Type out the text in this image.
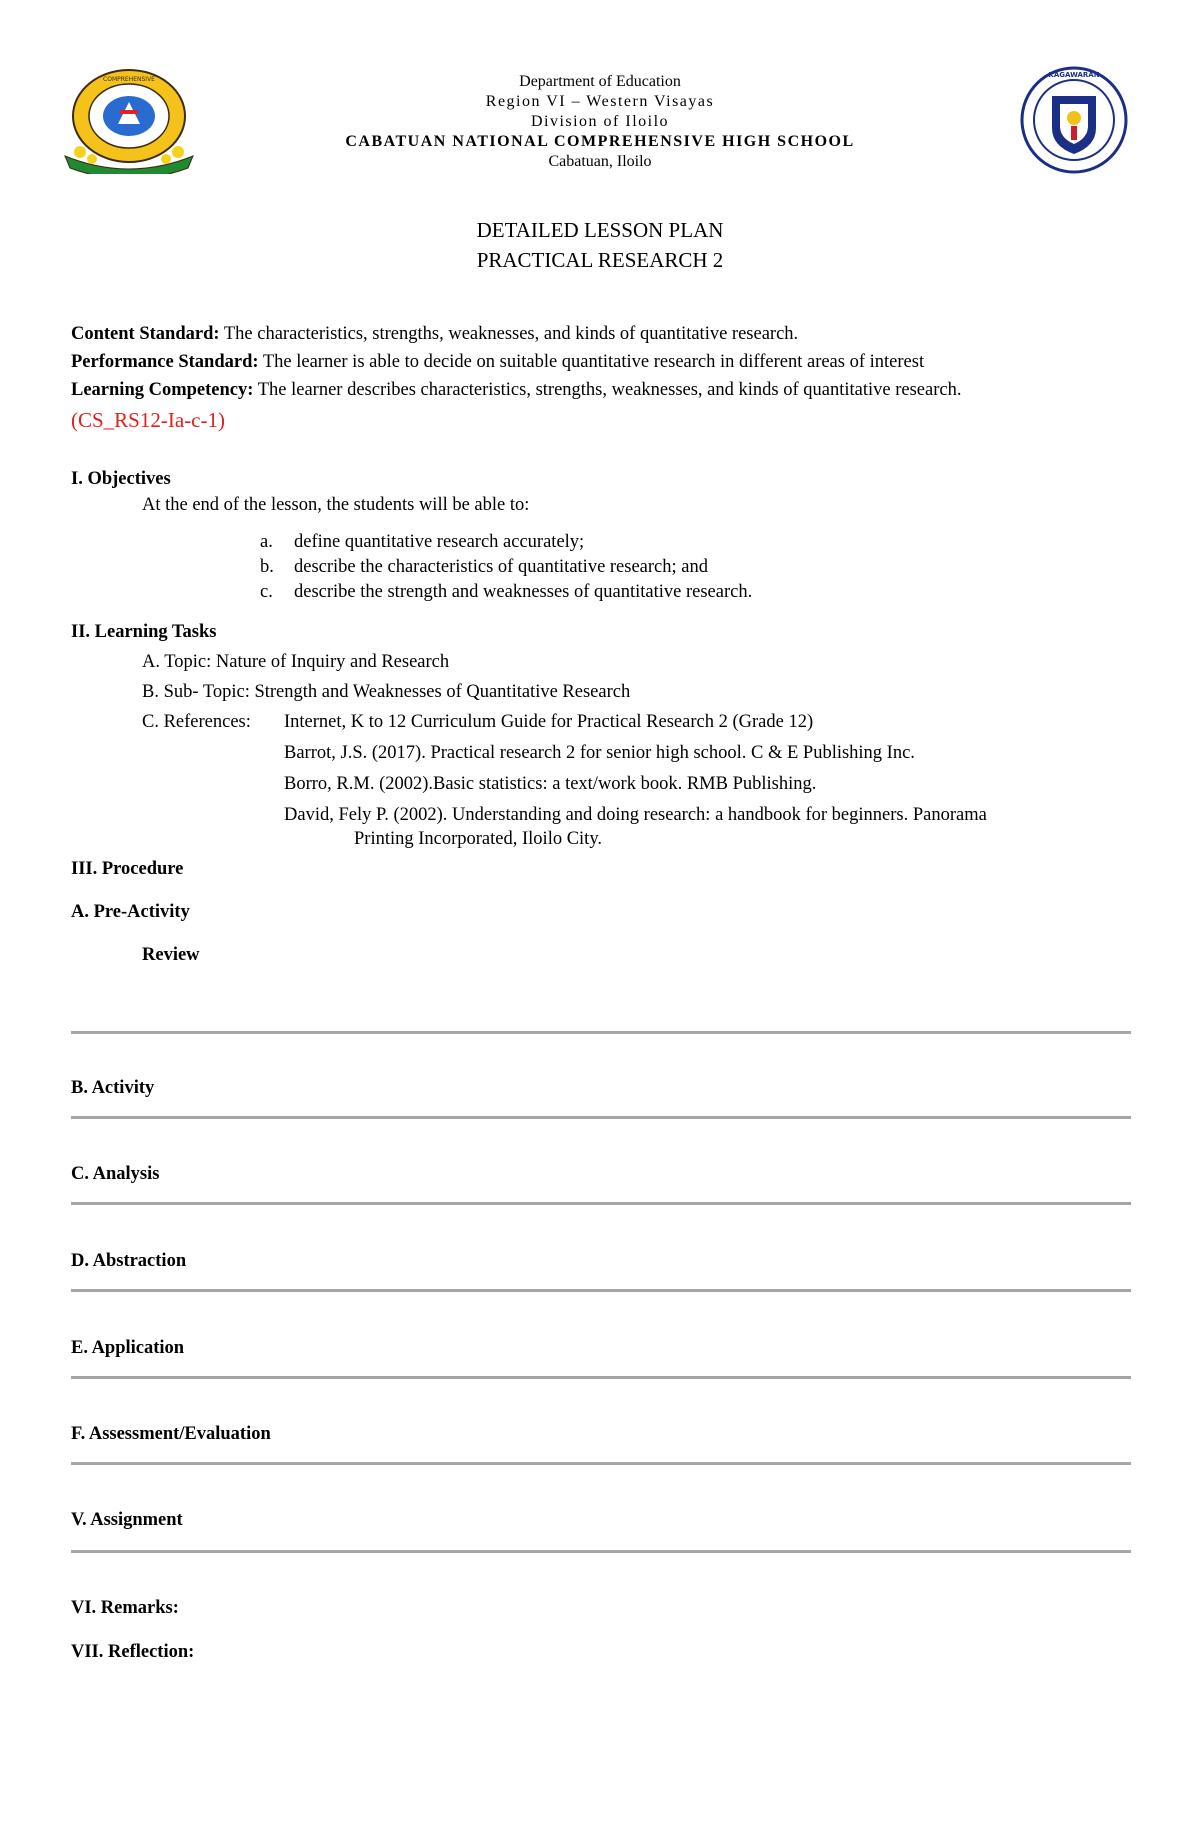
COMPREHENSIVE
KAGAWARAN
Department of Education
Region VI – Western Visayas
Division of Iloilo
CABATUAN NATIONAL COMPREHENSIVE HIGH SCHOOL
Cabatuan, Iloilo
DETAILED LESSON PLAN
PRACTICAL RESEARCH 2
Content Standard: The characteristics, strengths, weaknesses, and kinds of quantitative research.
Performance Standard: The learner is able to decide on suitable quantitative research in different areas of interest
Learning Competency: The learner describes characteristics, strengths, weaknesses, and kinds of quantitative research.
(CS_RS12-Ia-c-1)
I. Objectives
At the end of the lesson, the students will be able to:
a. define quantitative research accurately;
b. describe the characteristics of quantitative research; and
c. describe the strength and weaknesses of quantitative research.
II. Learning Tasks
A. Topic: Nature of Inquiry and Research
B. Sub- Topic: Strength and Weaknesses of Quantitative Research
C. References: Internet, K to 12 Curriculum Guide for Practical Research 2 (Grade 12)
Barrot, J.S. (2017). Practical research 2 for senior high school. C & E Publishing Inc.
Borro, R.M. (2002).Basic statistics: a text/work book. RMB Publishing.
David, Fely P. (2002). Understanding and doing research: a handbook for beginners. Panorama
Printing Incorporated, Iloilo City.
III. Procedure
A. Pre-Activity
Review
B. Activity
C. Analysis
D. Abstraction
E. Application
F. Assessment/Evaluation
V. Assignment
VI. Remarks:
VII. Reflection:
